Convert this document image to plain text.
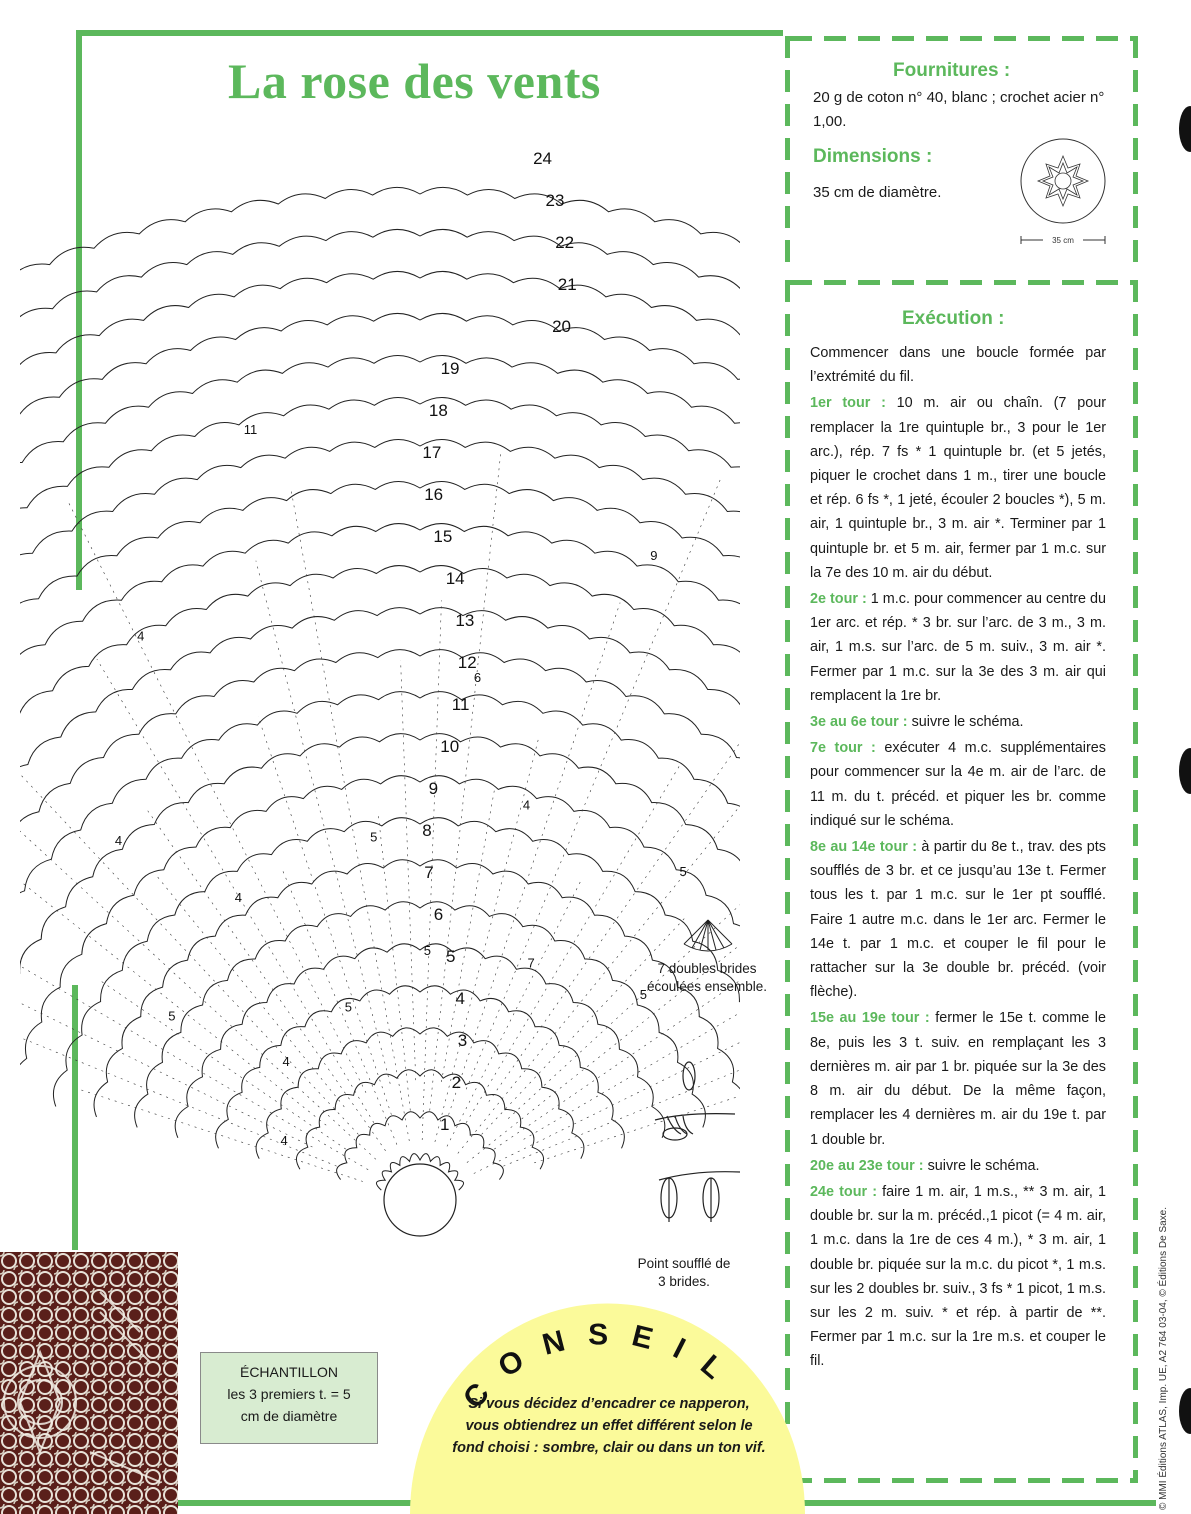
La rose des vents	Fournitures :
20 g de coton n° 40, blanc ; crochet acier n° 1,00.
Dimensions :
35 cm de diamètre.
35 cm
Exécution :

Commencer dans une boucle formée par l’extrémité du fil.

1er tour : 10 m. air ou chaîn. (7 pour remplacer la 1re quintuple br., 3 pour le 1er arc.), rép. 7 fs * 1 quintuple br. (et 5 jetés, piquer le crochet dans 1 m., tirer une boucle et rép. 6 fs *, 1 jeté, écouler 2 boucles *), 5 m. air, 1 quintuple br., 3 m. air *. Terminer par 1 quintuple br. et 5 m. air, fermer par 1 m.c. sur la 7e des 10 m. air du début.

2e tour : 1 m.c. pour commencer au centre du 1er arc. et rép. * 3 br. sur l’arc. de 3 m., 3 m. air, 1 m.s. sur l’arc. de 5 m. suiv., 3 m. air *. Fermer par 1 m.c. sur la 3e des 3 m. air qui remplacent la 1re br.

3e au 6e tour : suivre le schéma.

7e tour : exécuter 4 m.c. supplémentaires pour commencer sur la 4e m. air de l’arc. de 11 m. du t. précéd. et piquer les br. comme indiqué sur le schéma.

8e au 14e tour : à partir du 8e t., trav. des pts soufflés de 3 br. et ce jusqu’au 13e t. Fermer tous les t. par 1 m.c. sur le 1er pt soufflé. Faire 1 autre m.c. dans le 1er arc. Fermer le 14e t. par 1 m.c. et couper le fil pour le rattacher sur la 3e double br. précéd. (voir flèche).

15e au 19e tour : fermer le 15e t. comme le 8e, puis les 3 t. suiv. en remplaçant les 3 dernières m. air par 1 br. piquée sur la 3e des 8 m. air du début. De la même façon, remplacer les 4 dernières m. air du 19e t. par 1 double br.

20e au 23e tour : suivre le schéma.

24e tour : faire 1 m. air, 1 m.s., ** 3 m. air, 1 double br. sur la m. précéd.,1 picot (= 4 m. air, 1 m.c. dans la 1re de ces 4 m.), * 3 m. air, 1 double br. piquée sur la m.c. du picot *, 1 m.s. sur les 2 doubles br. suiv., 3 fs * 1 picot, 1 m.s. sur les 2 m. suiv. * et rép. à partir de **. Fermer par 1 m.c. sur la 1re m.s. et couper le fil.

1
2
3
4
5
6
7
8
9
10
11
12
13
14
15
16
17
18
19
20
21
22
23
24
4
5
7
5
5
5
4
6
4
9
11
4
5
5
4
4
7 doubles brides écoulées ensemble.
Point soufflé de 3 brides.
ÉCHANTILLON
les 3 premiers t. = 5 cm de diamètre
CONSEIL
Si vous décidez d’encadrer ce napperon, vous obtiendrez un effet différent selon le fond choisi : sombre, clair ou dans un ton vif.	© MMI Éditions ATLAS, Imp. UE, A2 764 03-04, © Éditions De Saxe.
